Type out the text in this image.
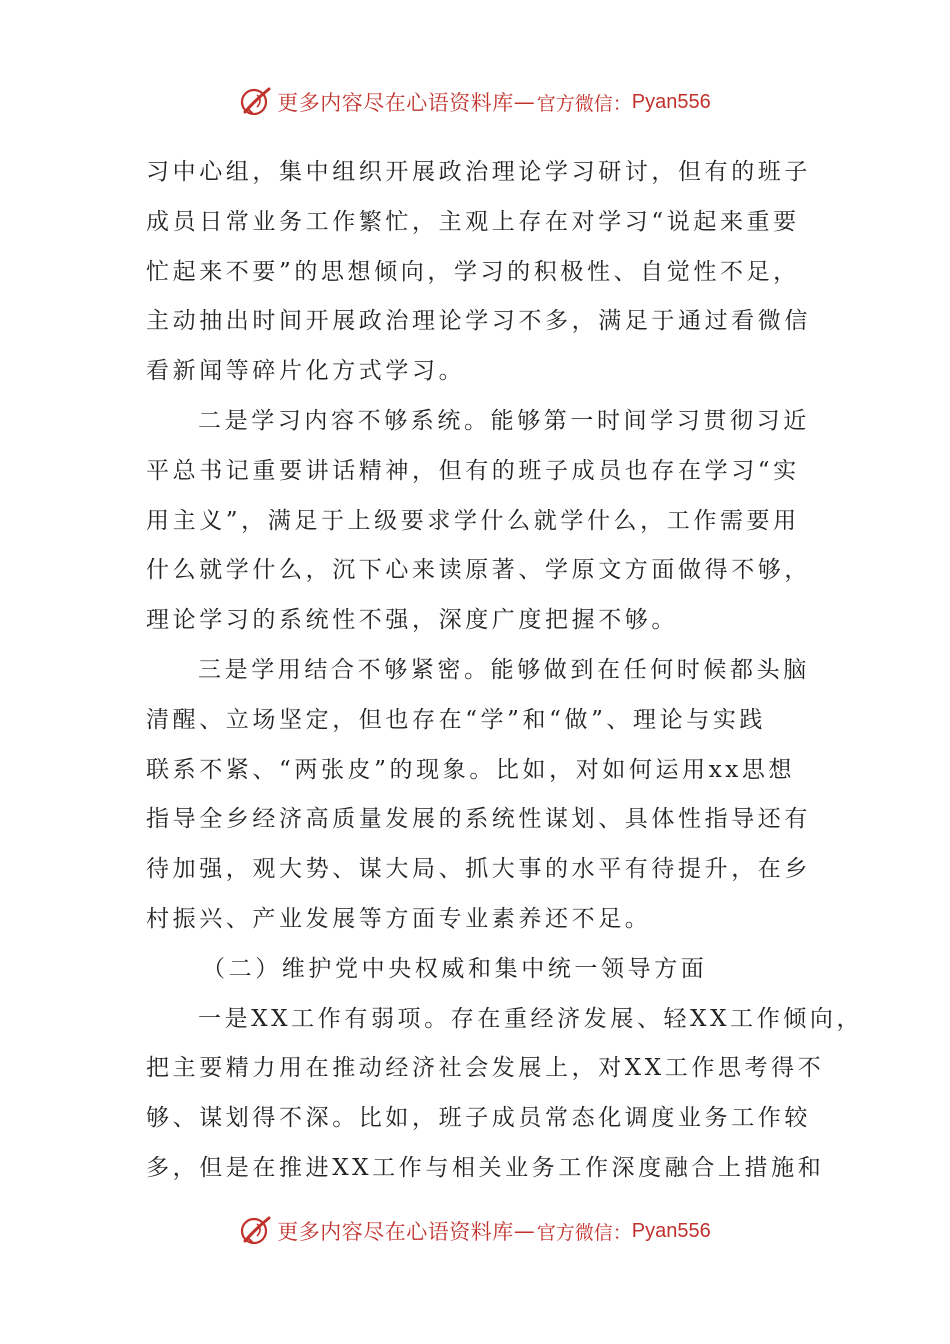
更多内容尽在心语资料库 — 官方微信： Pyan556
习中心组，集中组织开展政治理论学习研讨，但有的班子
成员日常业务工作繁忙，主观上存在对学习“说起来重要
忙起来不要”的思想倾向，学习的积极性、自觉性不足，
主动抽出时间开展政治理论学习不多，满足于通过看微信
看新闻等碎片化方式学习。
二是学习内容不够系统。能够第一时间学习贯彻习近
平总书记重要讲话精神，但有的班子成员也存在学习“实
用主义”，满足于上级要求学什么就学什么，工作需要用
什么就学什么，沉下心来读原著、学原文方面做得不够，
理论学习的系统性不强，深度广度把握不够。
三是学用结合不够紧密。能够做到在任何时候都头脑
清醒、立场坚定，但也存在“学”和“做”、理论与实践
联系不紧、“两张皮”的现象。比如，对如何运用xx思想
指导全乡经济高质量发展的系统性谋划、具体性指导还有
待加强，观大势、谋大局、抓大事的水平有待提升，在乡
村振兴、产业发展等方面专业素养还不足。
（二）维护党中央权威和集中统一领导方面
一是XX工作有弱项。存在重经济发展、轻XX工作倾向，
把主要精力用在推动经济社会发展上，对XX工作思考得不
够、谋划得不深。比如，班子成员常态化调度业务工作较
多，但是在推进XX工作与相关业务工作深度融合上措施和
更多内容尽在心语资料库 — 官方微信： Pyan556
